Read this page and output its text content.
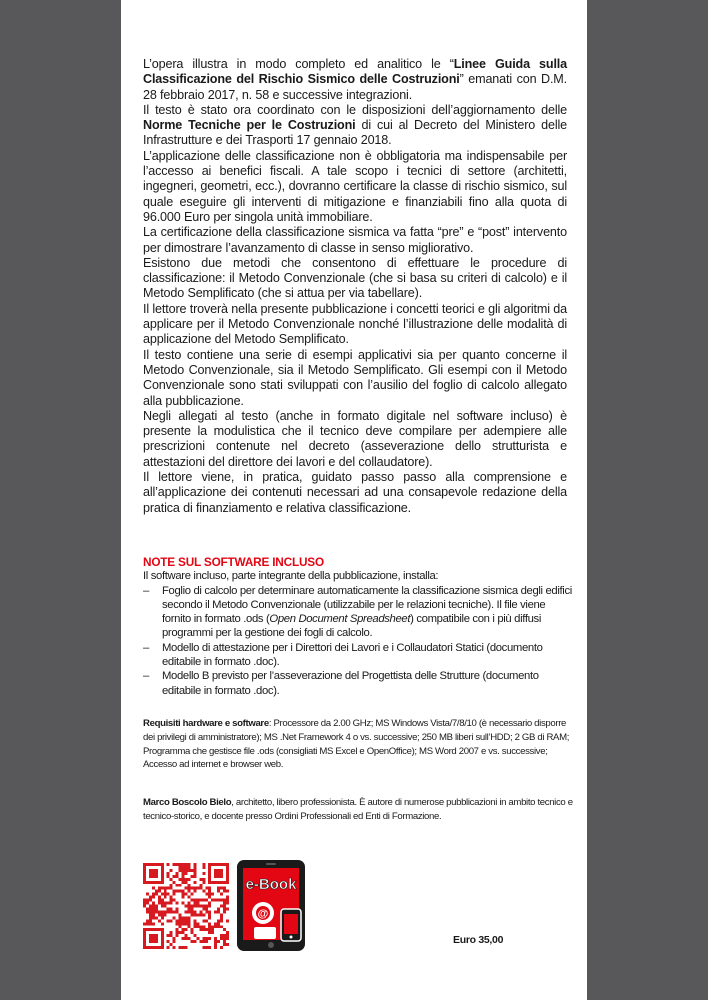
L’opera illustra in modo completo ed analitico le “Linee Guida sulla Classificazione del Rischio Sismico delle Costruzioni” emanati con D.M. 28 febbraio 2017, n. 58 e successive integrazioni.

Il testo è stato ora coordinato con le disposizioni dell’aggiornamento delle Norme Tecniche per le Costruzioni di cui al Decreto del Ministero delle Infrastrutture e dei Trasporti 17 gennaio 2018.

L’applicazione delle classificazione non è obbligatoria ma indispensabile per l’accesso ai benefici fiscali. A tale scopo i tecnici di settore (architetti, ingegneri, geometri, ecc.), dovranno certificare la classe di rischio sismico, sul quale eseguire gli interventi di mitigazione e finanziabili fino alla quota di 96.000 Euro per singola unità immobiliare.

La certificazione della classificazione sismica va fatta “pre” e “post” intervento per dimostrare l’avanzamento di classe in senso migliorativo.

Esistono due metodi che consentono di effettuare le procedure di classificazione: il Metodo Convenzionale (che si basa su criteri di calcolo) e il Metodo Semplificato (che si attua per via tabellare).

Il lettore troverà nella presente pubblicazione i concetti teorici e gli algoritmi da applicare per il Metodo Convenzionale nonché l’illustrazione delle modalità di applicazione del Metodo Semplificato.

Il testo contiene una serie di esempi applicativi sia per quanto concerne il Metodo Convenzionale, sia il Metodo Semplificato. Gli esempi con il Metodo Convenzionale sono stati sviluppati con l’ausilio del foglio di calcolo allegato alla pubblicazione.

Negli allegati al testo (anche in formato digitale nel software incluso) è presente la modulistica che il tecnico deve compilare per adempiere alle prescrizioni contenute nel decreto (asseverazione dello strutturista e attestazioni del direttore dei lavori e del collaudatore).

Il lettore viene, in pratica, guidato passo passo alla comprensione e all’applicazione dei contenuti necessari ad una consapevole redazione della pratica di finanziamento e relativa classificazione.

NOTE SUL SOFTWARE INCLUSO

Il software incluso, parte integrante della pubblicazione, installa:

– Foglio di calcolo per determinare automaticamente la classificazione sismica degli edifici secondo il Metodo Convenzionale (utilizzabile per le relazioni tecniche). Il file viene fornito in formato .ods (Open Document Spreadsheet) compatibile con i più diffusi programmi per la gestione dei fogli di calcolo.
– Modello di attestazione per i Direttori dei Lavori e i Collaudatori Statici (documento editabile in formato .doc).
– Modello B previsto per l’asseverazione del Progettista delle Strutture (documento editabile in formato .doc).
Requisiti hardware e software: Processore da 2.00 GHz; MS Windows Vista/7/8/10 (è necessario disporre dei privilegi di amministratore); MS .Net Framework 4 o vs. successive; 250 MB liberi sull’HDD; 2 GB di RAM; Programma che gestisce file .ods (consigliati MS Excel e OpenOffice); MS Word 2007 e vs. successive; Accesso ad internet e browser web.
Marco Boscolo Bielo, architetto, libero professionista. È autore di numerose pubblicazioni in ambito tecnico e tecnico-storico, e docente presso Ordini Professionali ed Enti di Formazione.
e-Book
@
Euro 35,00
